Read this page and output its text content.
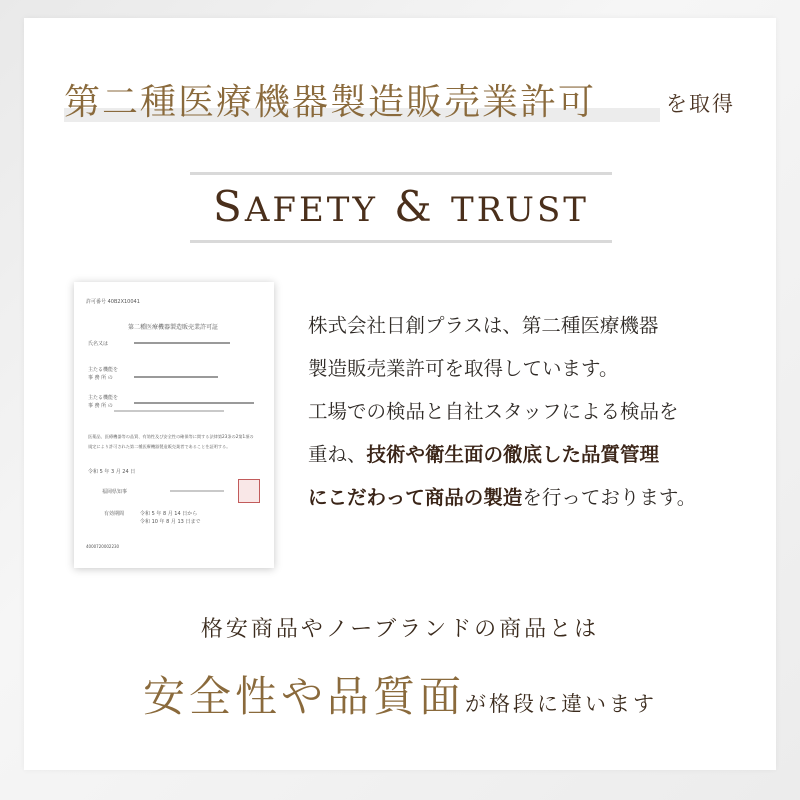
第二種医療機器製造販売業許可	を取得
SAFETY & TRUST
許可番号 40B2X10041
第二種医療機器製造販売業許可証
氏名又は
主たる機能を
事 務 所 の
主たる機能を
事 務 所 の
医薬品、医療機器等の品質、有効性及び安全性の確保等に関する法律第23条の2第1項の
規定により許可された第二種医療機器製造販売業者であることを証明する。
令和 5 年 3 月 24 日
福岡県知事
有効期間	令和 5 年 8 月 14 日から
令和 10 年 8 月 13 日まで
4000720002230

株式会社日創プラスは、第二種医療機器

製造販売業許可を取得しています。

工場での検品と自社スタッフによる検品を

重ね、技術や衛生面の徹底した品質管理

にこだわって商品の製造を行っております。

格安商品やノーブランドの商品とは
安全性や品質面が格段に違います
